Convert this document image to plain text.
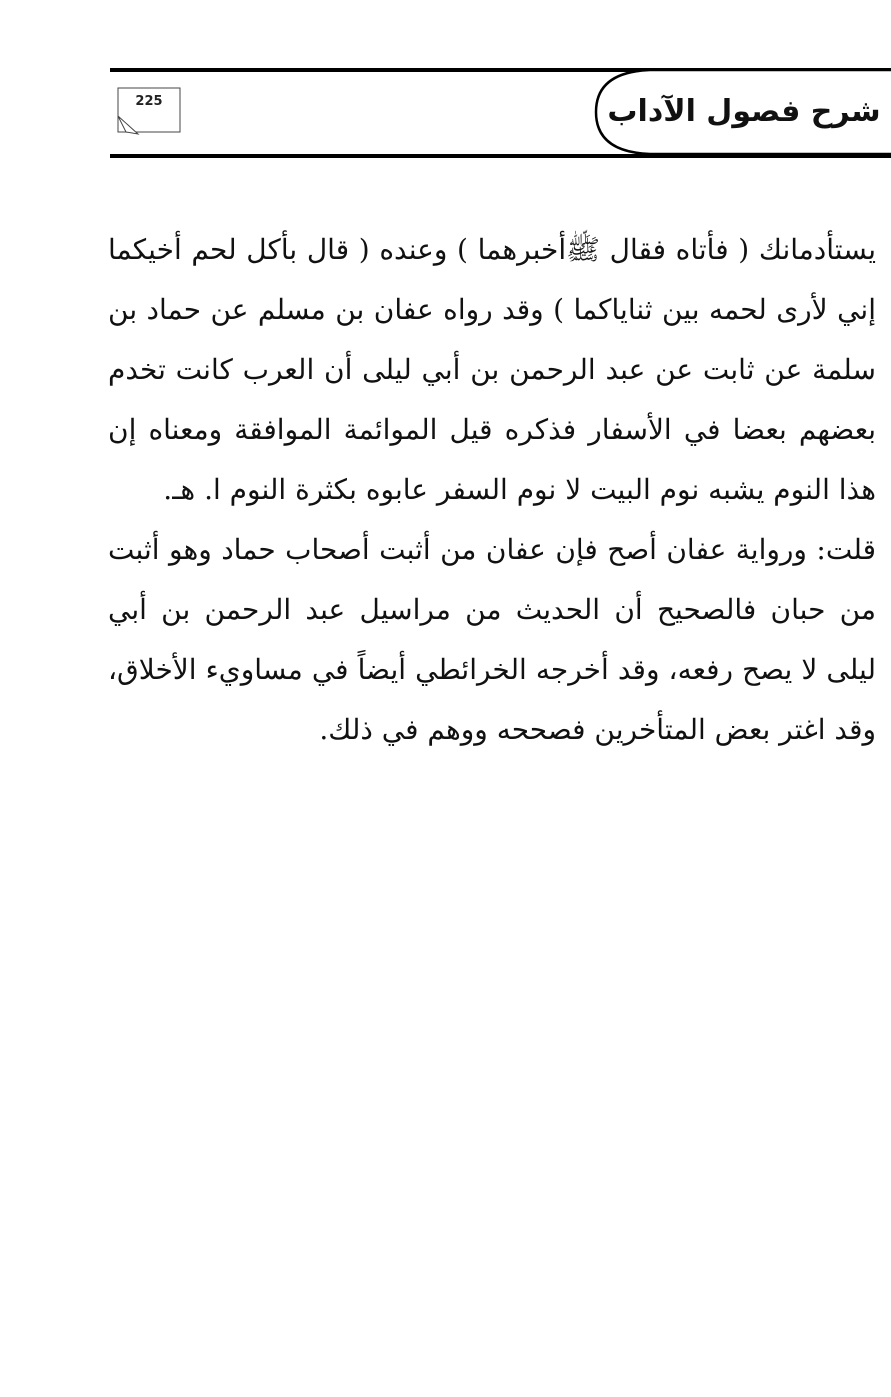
شرح فصول الآداب
225

يستأدمانك ( فأتاه فقال ﷺأخبرهما ) وعنده ( قال بأكل لحم أخيكما إني لأرى لحمه بين ثناياكما ) وقد رواه عفان بن مسلم عن حماد بن سلمة عن ثابت عن عبد الرحمن بن أبي ليلى أن العرب كانت تخدم بعضهم بعضا في الأسفار فذكره قيل الموائمة الموافقة ومعناه إن هذا النوم يشبه نوم البيت لا نوم السفر عابوه بكثرة النوم ا. هـ.

قلت: ورواية عفان أصح فإن عفان من أثبت أصحاب حماد وهو أثبت من حبان فالصحيح أن الحديث من مراسيل عبد الرحمن بن أبي ليلى لا يصح رفعه، وقد أخرجه الخرائطي أيضاً في مساويء الأخلاق، وقد اغتر بعض المتأخرين فصححه ووهم في ذلك.
